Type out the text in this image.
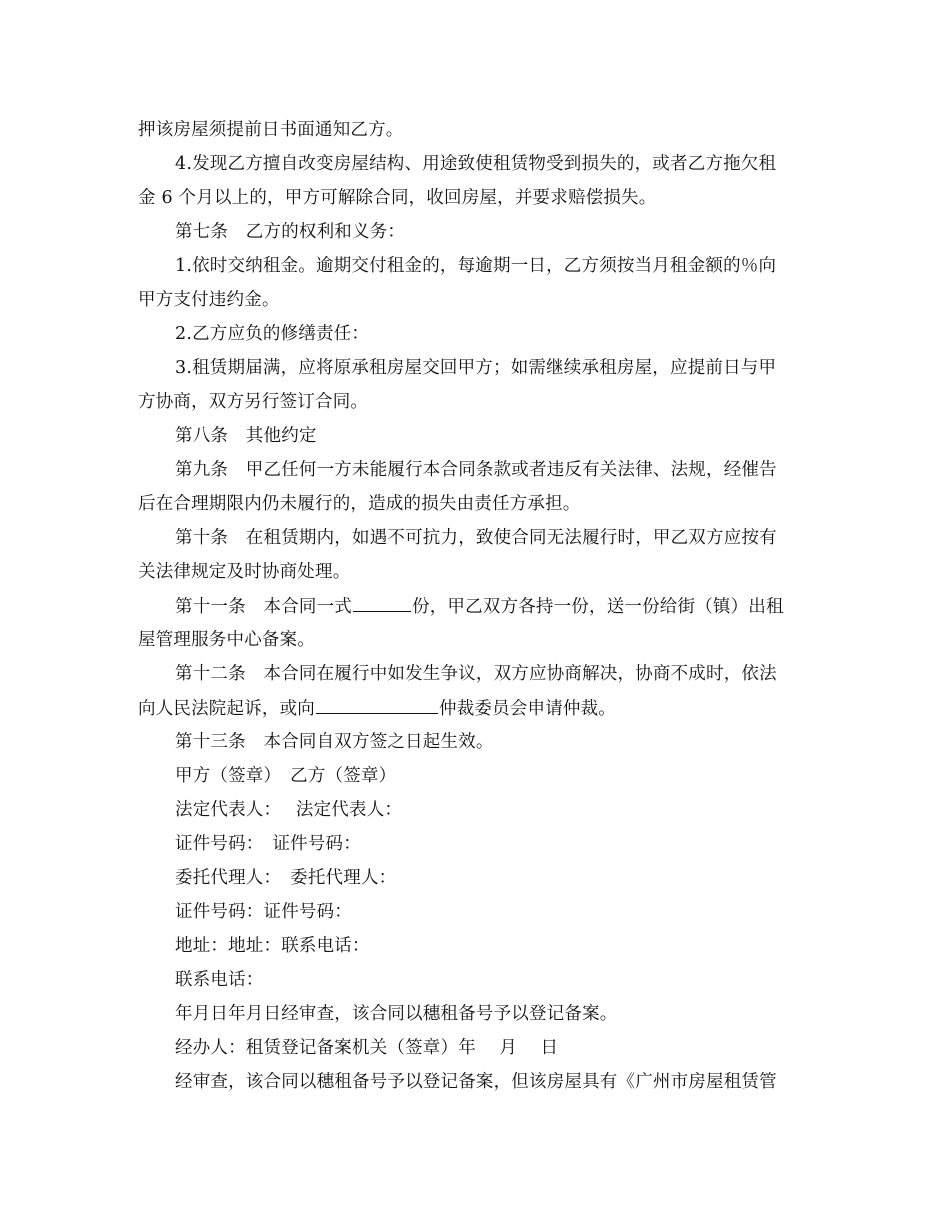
押该房屋须提前日书面通知乙方。
4.发现乙方擅自改变房屋结构、用途致使租赁物受到损失的，或者乙方拖欠租
金 6 个月以上的，甲方可解除合同，收回房屋，并要求赔偿损失。
第七条　乙方的权利和义务：
1.依时交纳租金。逾期交付租金的，每逾期一日，乙方须按当月租金额的％向
甲方支付违约金。
2.乙方应负的修缮责任：
3.租赁期届满，应将原承租房屋交回甲方；如需继续承租房屋，应提前日与甲
方协商，双方另行签订合同。
第八条　其他约定
第九条　甲乙任何一方未能履行本合同条款或者违反有关法律、法规，经催告
后在合理期限内仍未履行的，造成的损失由责任方承担。
第十条　在租赁期内，如遇不可抗力，致使合同无法履行时，甲乙双方应按有
关法律规定及时协商处理。
第十一条　本合同一式	份，甲乙双方各持一份，送一份给街（镇）出租
屋管理服务中心备案。
第十二条　本合同在履行中如发生争议，双方应协商解决，协商不成时，依法
向人民法院起诉，或向	仲裁委员会申请仲裁。
第十三条　本合同自双方签之日起生效。
甲方（签章）　乙方（签章）
法定代表人：　 法定代表人：
证件号码：　证件号码：
委托代理人：　委托代理人：
证件号码：证件号码：
地址：地址：联系电话：
联系电话：
年月日年月日经审查，该合同以穗租备号予以登记备案。
经办人：租赁登记备案机关（签章）年　 月　 日
经审查，该合同以穗租备号予以登记备案，但该房屋具有《广州市房屋租赁管
